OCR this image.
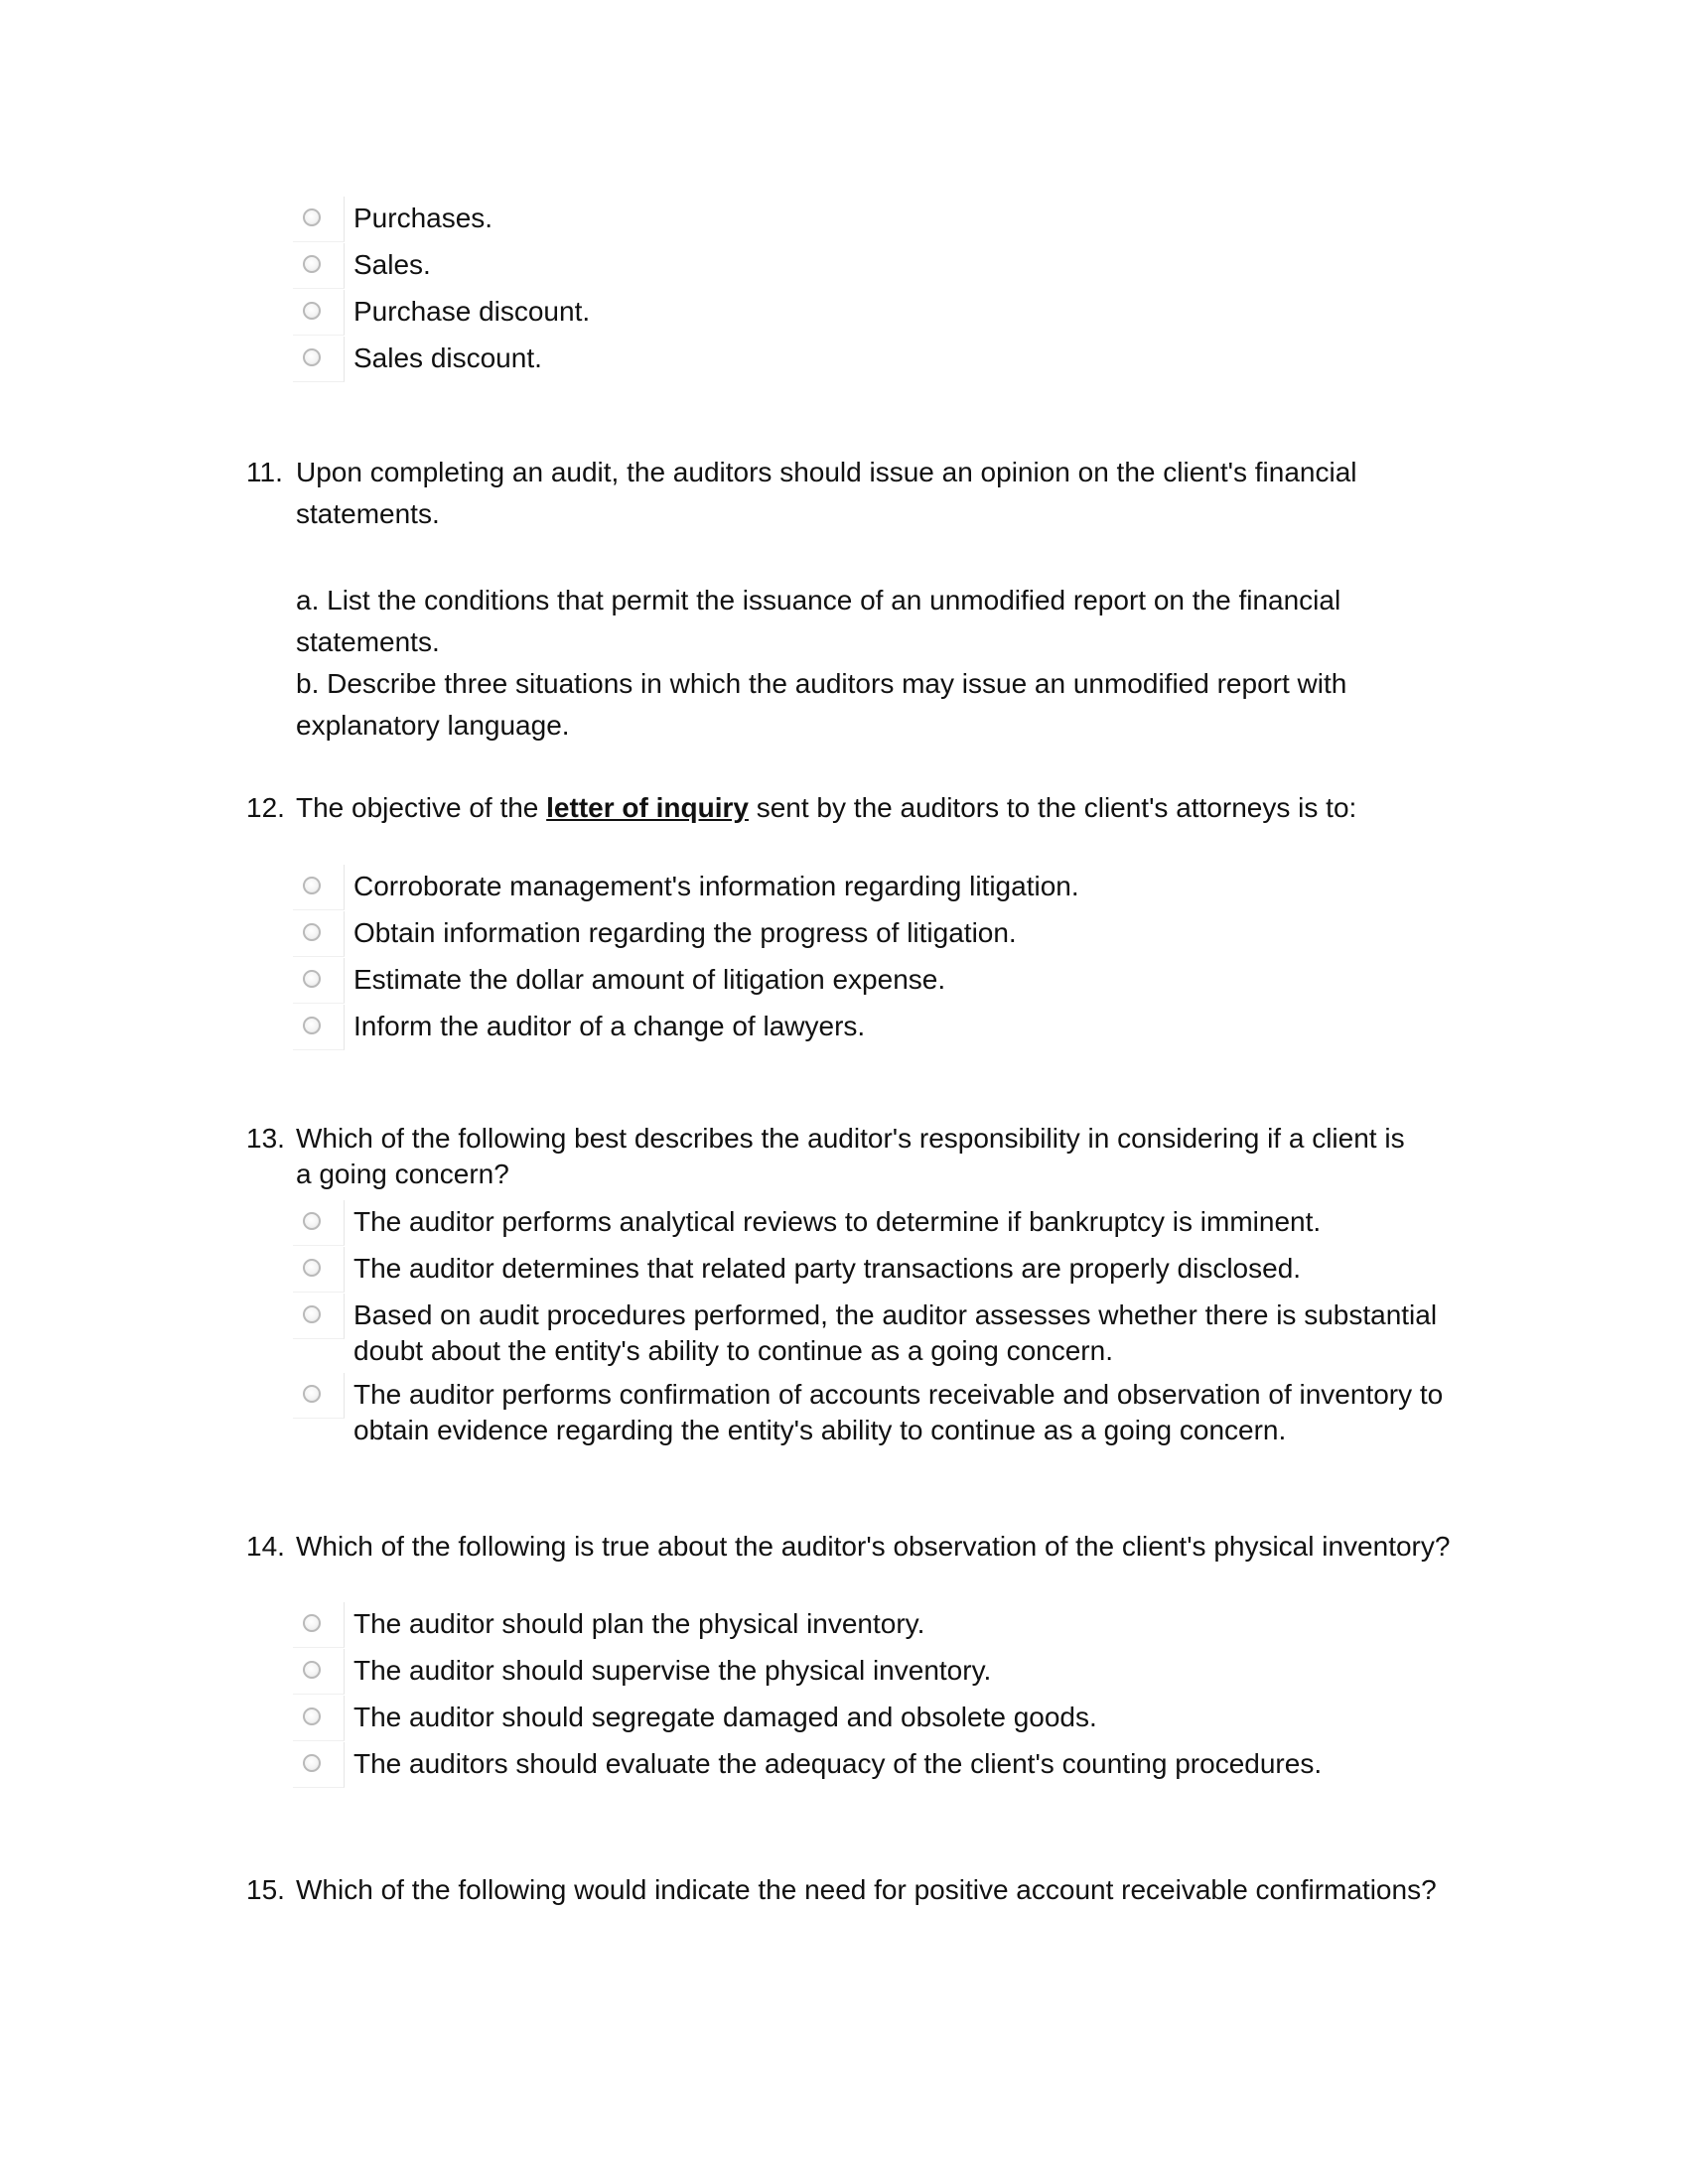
Purchases.
Sales.
Purchase discount.
Sales discount.
11. Upon completing an audit, the auditors should issue an opinion on the client's financial statements.
a. List the conditions that permit the issuance of an unmodified report on the financial statements.
b. Describe three situations in which the auditors may issue an unmodified report with explanatory language.
12. The objective of the letter of inquiry sent by the auditors to the client's attorneys is to:
Corroborate management's information regarding litigation.
Obtain information regarding the progress of litigation.
Estimate the dollar amount of litigation expense.
Inform the auditor of a change of lawyers.
13. Which of the following best describes the auditor's responsibility in considering if a client is a going concern?
The auditor performs analytical reviews to determine if bankruptcy is imminent.
The auditor determines that related party transactions are properly disclosed.
Based on audit procedures performed, the auditor assesses whether there is substantial doubt about the entity's ability to continue as a going concern.
The auditor performs confirmation of accounts receivable and observation of inventory to obtain evidence regarding the entity's ability to continue as a going concern.
14. Which of the following is true about the auditor's observation of the client's physical inventory?
The auditor should plan the physical inventory.
The auditor should supervise the physical inventory.
The auditor should segregate damaged and obsolete goods.
The auditors should evaluate the adequacy of the client's counting procedures.
15. Which of the following would indicate the need for positive account receivable confirmations?
